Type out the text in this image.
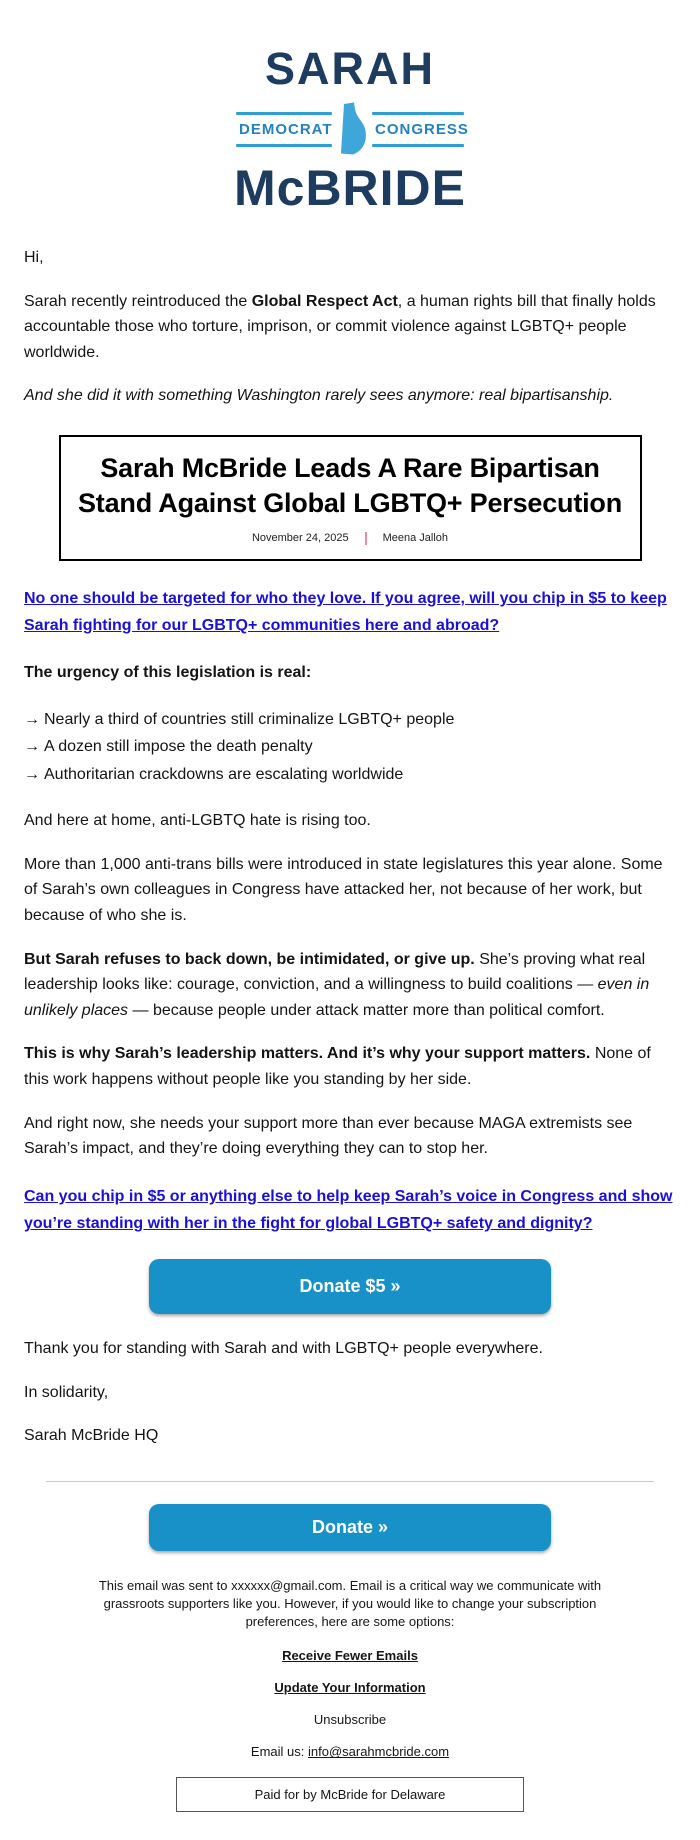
SARAH
DEMOCRAT	CONGRESS
McBRIDE

Hi,

Sarah recently reintroduced the Global Respect Act, a human rights bill that finally holds accountable those who torture, imprison, or commit violence against LGBTQ+ people worldwide.

And she did it with something Washington rarely sees anymore: real bipartisanship.

Sarah McBride Leads A Rare Bipartisan Stand Against Global LGBTQ+ Persecution
November 24, 2025	Meena Jalloh

No one should be targeted for who they love. If you agree, will you chip in $5 to keep Sarah fighting for our LGBTQ+ communities here and abroad?

The urgency of this legislation is real:

→ Nearly a third of countries still criminalize LGBTQ+ people
→ A dozen still impose the death penalty
→ Authoritarian crackdowns are escalating worldwide

And here at home, anti-LGBTQ hate is rising too.

More than 1,000 anti-trans bills were introduced in state legislatures this year alone. Some of Sarah’s own colleagues in Congress have attacked her, not because of her work, but because of who she is.

But Sarah refuses to back down, be intimidated, or give up. She’s proving what real leadership looks like: courage, conviction, and a willingness to build coalitions — even in unlikely places — because people under attack matter more than political comfort.

This is why Sarah’s leadership matters. And it’s why your support matters. None of this work happens without people like you standing by her side.

And right now, she needs your support more than ever because MAGA extremists see Sarah’s impact, and they’re doing everything they can to stop her.

Can you chip in $5 or anything else to help keep Sarah’s voice in Congress and show you’re standing with her in the fight for global LGBTQ+ safety and dignity?

Donate $5 »

Thank you for standing with Sarah and with LGBTQ+ people everywhere.

In solidarity,

Sarah McBride HQ

Donate »

This email was sent to xxxxxx@gmail.com. Email is a critical way we communicate with grassroots supporters like you. However, if you would like to change your subscription preferences, here are some options:

Receive Fewer Emails

Update Your Information

Unsubscribe

Email us: info@sarahmcbride.com

Paid for by McBride for Delaware
